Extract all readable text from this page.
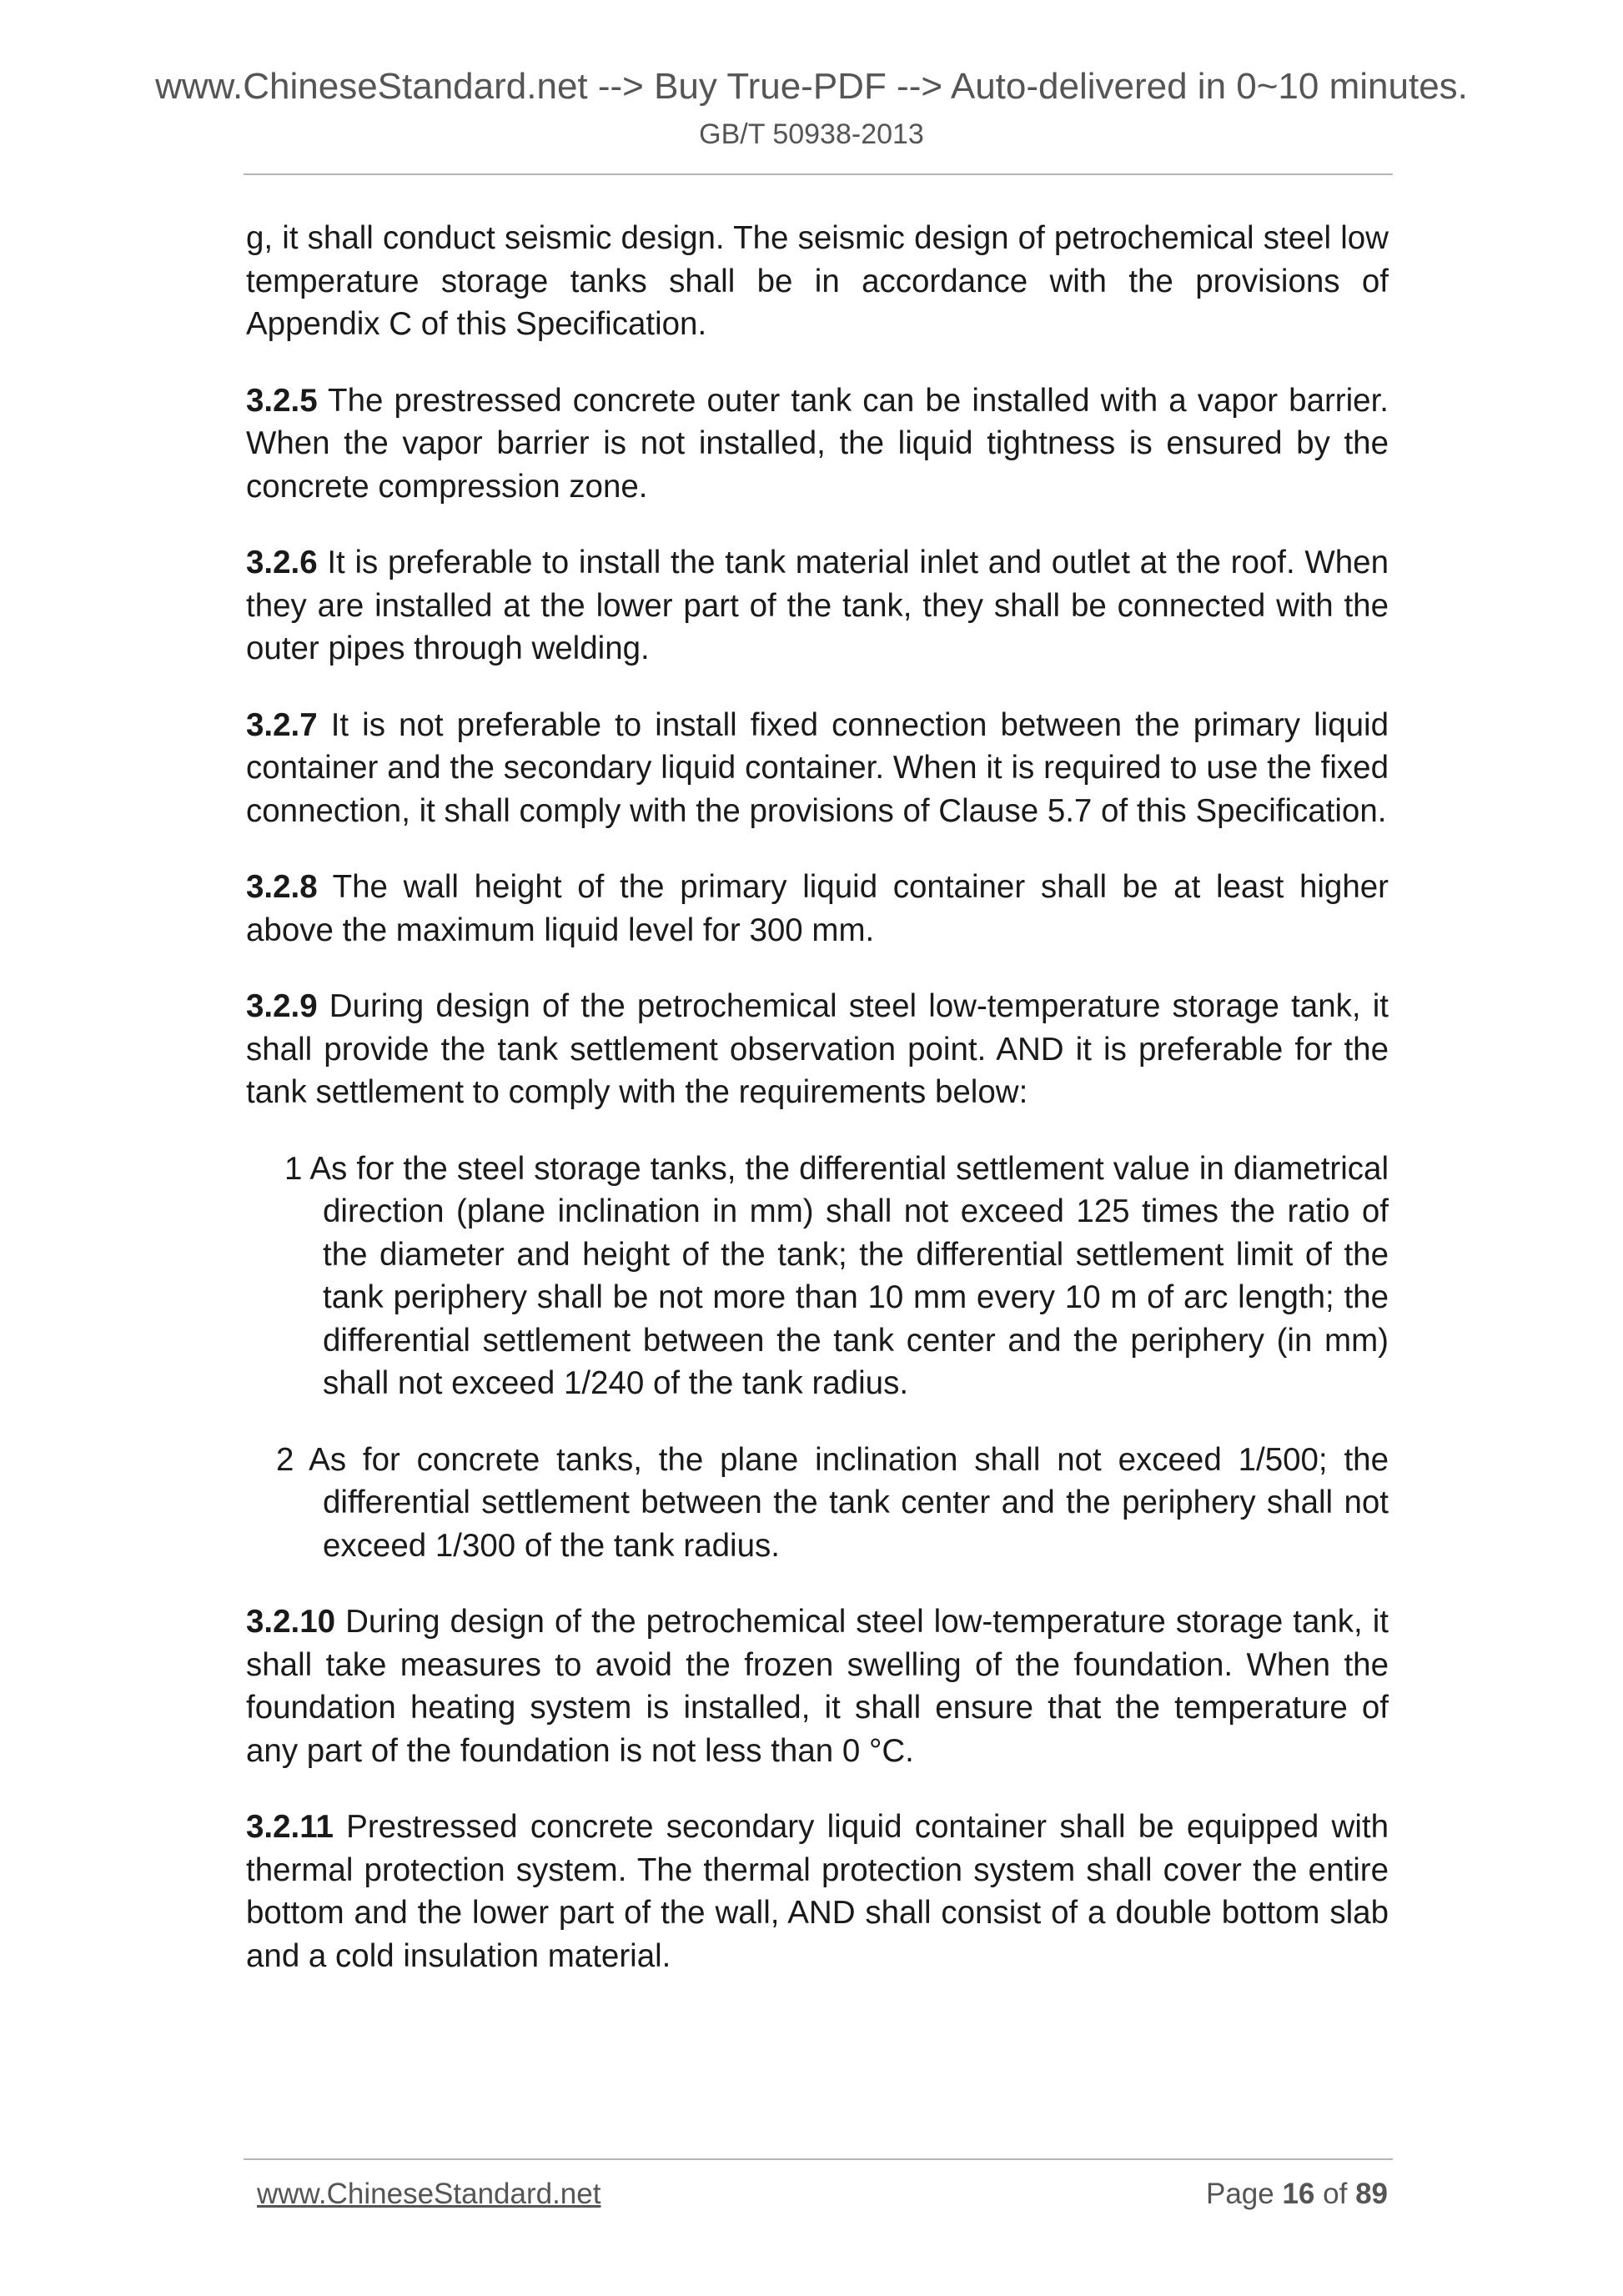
www.ChineseStandard.net --> Buy True-PDF --> Auto-delivered in 0~10 minutes.
GB/T 50938-2013

g, it shall conduct seismic design. The seismic design of petrochemical steel low temperature storage tanks shall be in accordance with the provisions of Appendix C of this Specification.

3.2.5 The prestressed concrete outer tank can be installed with a vapor barrier. When the vapor barrier is not installed, the liquid tightness is ensured by the concrete compression zone.

3.2.6 It is preferable to install the tank material inlet and outlet at the roof. When they are installed at the lower part of the tank, they shall be connected with the outer pipes through welding.

3.2.7 It is not preferable to install fixed connection between the primary liquid container and the secondary liquid container. When it is required to use the fixed connection, it shall comply with the provisions of Clause 5.7 of this Specification.

3.2.8 The wall height of the primary liquid container shall be at least higher above the maximum liquid level for 300 mm.

3.2.9 During design of the petrochemical steel low-temperature storage tank, it shall provide the tank settlement observation point. AND it is preferable for the tank settlement to comply with the requirements below:

1 As for the steel storage tanks, the differential settlement value in diametrical direction (plane inclination in mm) shall not exceed 125 times the ratio of the diameter and height of the tank; the differential settlement limit of the tank periphery shall be not more than 10 mm every 10 m of arc length; the differential settlement between the tank center and the periphery (in mm) shall not exceed 1/240 of the tank radius.

2 As for concrete tanks, the plane inclination shall not exceed 1/500; the differential settlement between the tank center and the periphery shall not exceed 1/300 of the tank radius.

3.2.10 During design of the petrochemical steel low-temperature storage tank, it shall take measures to avoid the frozen swelling of the foundation. When the foundation heating system is installed, it shall ensure that the temperature of any part of the foundation is not less than 0 °C.

3.2.11 Prestressed concrete secondary liquid container shall be equipped with thermal protection system. The thermal protection system shall cover the entire bottom and the lower part of the wall, AND shall consist of a double bottom slab and a cold insulation material.

www.ChineseStandard.net	Page 16 of 89
